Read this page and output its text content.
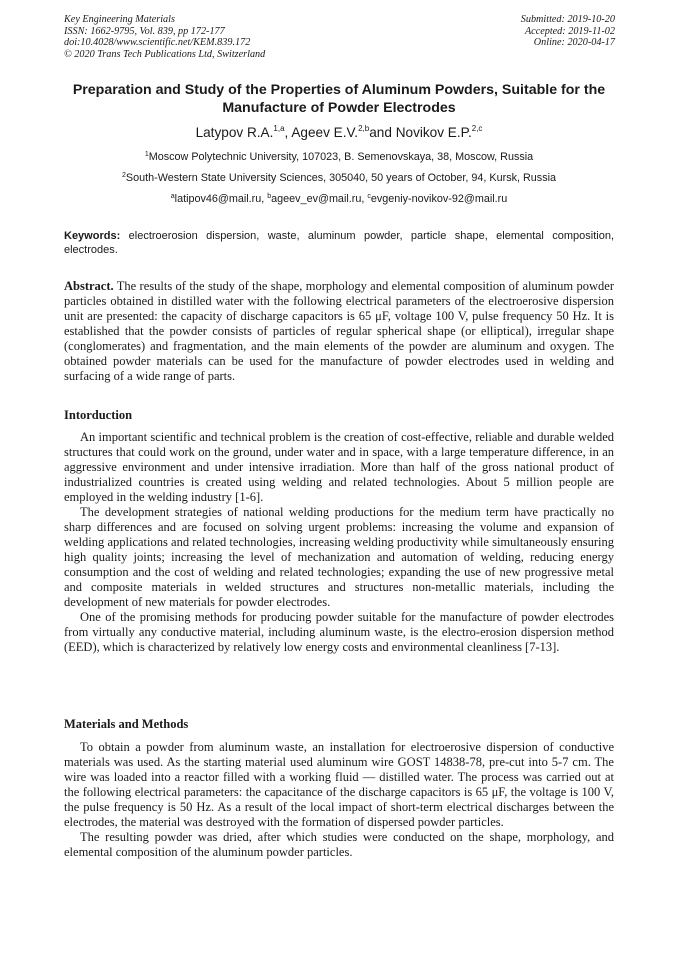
Key Engineering Materials
ISSN: 1662-9795, Vol. 839, pp 172-177
doi:10.4028/www.scientific.net/KEM.839.172
© 2020 Trans Tech Publications Ltd, Switzerland
Submitted: 2019-10-20
Accepted: 2019-11-02
Online: 2020-04-17
Preparation and Study of the Properties of Aluminum Powders, Suitable for the Manufacture of Powder Electrodes
Latypov R.A.$^{1,a}$, Ageev E.V.$^{2,b}$and Novikov E.P.$^{2,c}$
$^1$Moscow Polytechnic University, 107023, B. Semenovskaya, 38, Moscow, Russia
$^2$South-Western State University Sciences, 305040, 50 years of October, 94, Kursk, Russia
$^a$latipov46@mail.ru, $^b$ageev_ev@mail.ru, $^c$evgeniy-novikov-92@mail.ru
Keywords: electroerosion dispersion, waste, aluminum powder, particle shape, elemental composition, electrodes.

Abstract. The results of the study of the shape, morphology and elemental composition of aluminum powder particles obtained in distilled water with the following electrical parameters of the electroerosive dispersion unit are presented: the capacity of discharge capacitors is 65 μF, voltage 100 V, pulse frequency 50 Hz. It is established that the powder consists of particles of regular spherical shape (or elliptical), irregular shape (conglomerates) and fragmentation, and the main elements of the powder are aluminum and oxygen. The obtained powder materials can be used for the manufacture of powder electrodes used in welding and surfacing of a wide range of parts.

Intorduction

An important scientific and technical problem is the creation of cost-effective, reliable and durable welded structures that could work on the ground, under water and in space, with a large temperature difference, in an aggressive environment and under intensive irradiation. More than half of the gross national product of industrialized countries is created using welding and related technologies. About 5 million people are employed in the welding industry [1-6].

The development strategies of national welding productions for the medium term have practically no sharp differences and are focused on solving urgent problems: increasing the volume and expansion of welding applications and related technologies, increasing welding productivity while simultaneously ensuring high quality joints; increasing the level of mechanization and automation of welding, reducing energy consumption and the cost of welding and related technologies; expanding the use of new progressive metal and composite materials in welded structures and structures non-metallic materials, including the development of new materials for powder electrodes.

One of the promising methods for producing powder suitable for the manufacture of powder electrodes from virtually any conductive material, including aluminum waste, is the electro-erosion dispersion method (EED), which is characterized by relatively low energy costs and environmental cleanliness [7-13].

Materials and Methods

To obtain a powder from aluminum waste, an installation for electroerosive dispersion of conductive materials was used. As the starting material used aluminum wire GOST 14838-78, pre-cut into 5-7 cm. The wire was loaded into a reactor filled with a working fluid — distilled water. The process was carried out at the following electrical parameters: the capacitance of the discharge capacitors is 65 μF, the voltage is 100 V, the pulse frequency is 50 Hz. As a result of the local impact of short-term electrical discharges between the electrodes, the material was destroyed with the formation of dispersed powder particles.

The resulting powder was dried, after which studies were conducted on the shape, morphology, and elemental composition of the aluminum powder particles.
